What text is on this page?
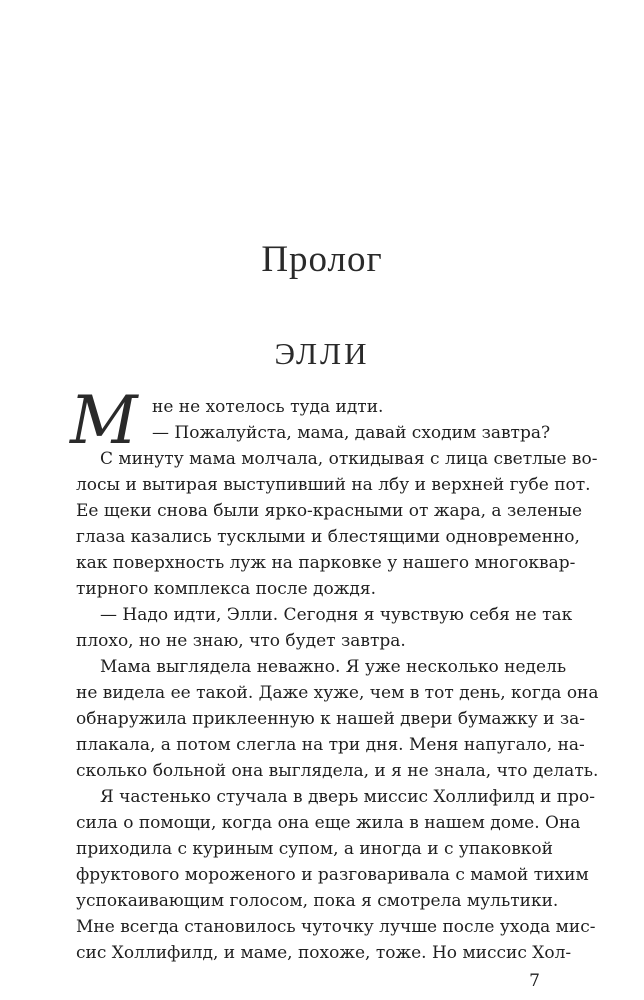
Пролог
ЭЛЛИ
М не не хотелось туда идти.
— Пожалуйста, мама, давай сходим завтра?
С минуту мама молчала, откидывая с лица светлые во-
лосы и вытирая выступивший на лбу и верхней губе пот.
Ее щеки снова были ярко-красными от жара, а зеленые
глаза казались тусклыми и блестящими одновременно,
как поверхность луж на парковке у нашего многоквар-
тирного комплекса после дождя.
— Надо идти, Элли. Сегодня я чувствую себя не так
плохо, но не знаю, что будет завтра.
Мама выглядела неважно. Я уже несколько недель
не видела ее такой. Даже хуже, чем в тот день, когда она
обнаружила приклеенную к нашей двери бумажку и за-
плакала, а потом слегла на три дня. Меня напугало, на-
сколько больной она выглядела, и я не знала, что делать.
Я частенько стучала в дверь миссис Холлифилд и про-
сила о помощи, когда она еще жила в нашем доме. Она
приходила с куриным супом, а иногда и с упаковкой
фруктового мороженого и разговаривала с мамой тихим
успокаивающим голосом, пока я смотрела мультики.
Мне всегда становилось чуточку лучше после ухода мис-
сис Холлифилд, и маме, похоже, тоже. Но миссис Хол-
7
